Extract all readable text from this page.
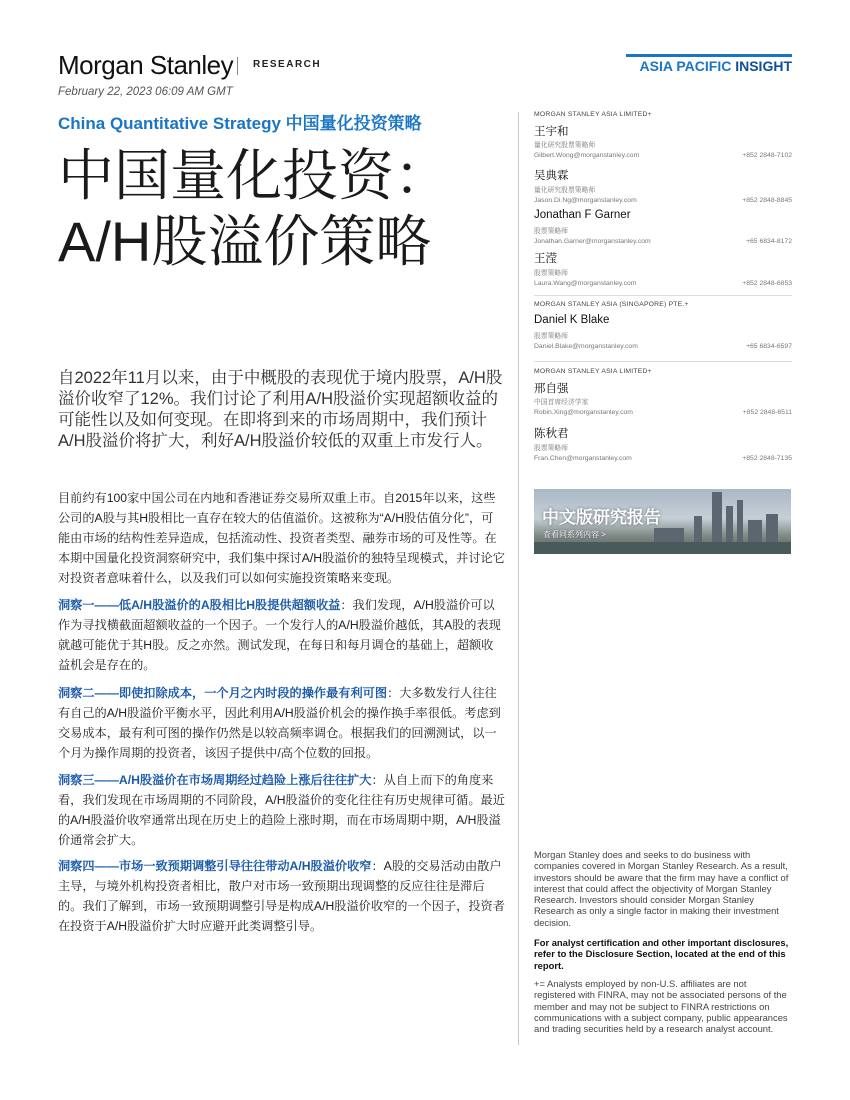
Morgan Stanley RESEARCH	ASIA PACIFIC INSIGHT
February 22, 2023 06:09 AM GMT
China Quantitative Strategy 中国量化投资策略
中国量化投资：A/H股溢价策略

自2022年11月以来，由于中概股的表现优于境内股票，A/H股溢价收窄了12%。我们讨论了利用A/H股溢价实现超额收益的可能性以及如何变现。在即将到来的市场周期中，我们预计A/H股溢价将扩大，利好A/H股溢价较低的双重上市发行人。

目前约有100家中国公司在内地和香港证券交易所双重上市。自2015年以来，这些公司的A股与其H股相比一直存在较大的估值溢价。这被称为“A/H股估值分化”，可能由市场的结构性差异造成，包括流动性、投资者类型、融券市场的可及性等。在本期中国量化投资洞察研究中，我们集中探讨A/H股溢价的独特呈现模式，并讨论它对投资者意味着什么，以及我们可以如何实施投资策略来变现。

洞察一——低A/H股溢价的A股相比H股提供超额收益：我们发现，A/H股溢价可以作为寻找横截面超额收益的一个因子。一个发行人的A/H股溢价越低，其A股的表现就越可能优于其H股。反之亦然。测试发现，在每日和每月调仓的基础上，超额收益机会是存在的。

洞察二——即使扣除成本，一个月之内时段的操作最有利可图：大多数发行人往往有自己的A/H股溢价平衡水平，因此利用A/H股溢价机会的操作换手率很低。考虑到交易成本，最有利可图的操作仍然是以较高频率调仓。根据我们的回溯测试，以一个月为操作周期的投资者，该因子提供中/高个位数的回报。

洞察三——A/H股溢价在市场周期经过趋险上涨后往往扩大：从自上而下的角度来看，我们发现在市场周期的不同阶段，A/H股溢价的变化往往有历史规律可循。最近的A/H股溢价收窄通常出现在历史上的趋险上涨时期，而在市场周期中期，A/H股溢价通常会扩大。

洞察四——市场一致预期调整引导往往带动A/H股溢价收窄：A股的交易活动由散户主导，与境外机构投资者相比，散户对市场一致预期出现调整的反应往往是滞后的。我们了解到，市场一致预期调整引导是构成A/H股溢价收窄的一个因子，投资者在投资于A/H股溢价扩大时应避开此类调整引导。

MORGAN STANLEY ASIA LIMITED+
王宇和
量化研究股票策略师
Gilbert.Wong@morganstanley.com	+852 2848-7102
吴典霖
量化研究股票策略师
Jason.Di.Ng@morganstanley.com	+852 2848-8845
Jonathan F Garner
股票策略师
Jonathan.Garner@morganstanley.com	+65 6834-8172
王滢
股票策略师
Laura.Wang@morganstanley.com	+852 2848-6853
MORGAN STANLEY ASIA (SINGAPORE) PTE.+
Daniel K Blake
股票策略师
Daniel.Blake@morganstanley.com	+65 6834-6597
MORGAN STANLEY ASIA LIMITED+
邢自强
中国首席经济学家
Robin.Xing@morganstanley.com	+852 2848-6511
陈秋君
股票策略师
Fran.Chen@morganstanley.com	+852 2848-7135
中文版研究报告
查看同系列内容 >

Morgan Stanley does and seeks to do business with companies covered in Morgan Stanley Research. As a result, investors should be aware that the firm may have a conflict of interest that could affect the objectivity of Morgan Stanley Research. Investors should consider Morgan Stanley Research as only a single factor in making their investment decision.

For analyst certification and other important disclosures, refer to the Disclosure Section, located at the end of this report.

+= Analysts employed by non-U.S. affiliates are not registered with FINRA, may not be associated persons of the member and may not be subject to FINRA restrictions on communications with a subject company, public appearances and trading securities held by a research analyst account.
